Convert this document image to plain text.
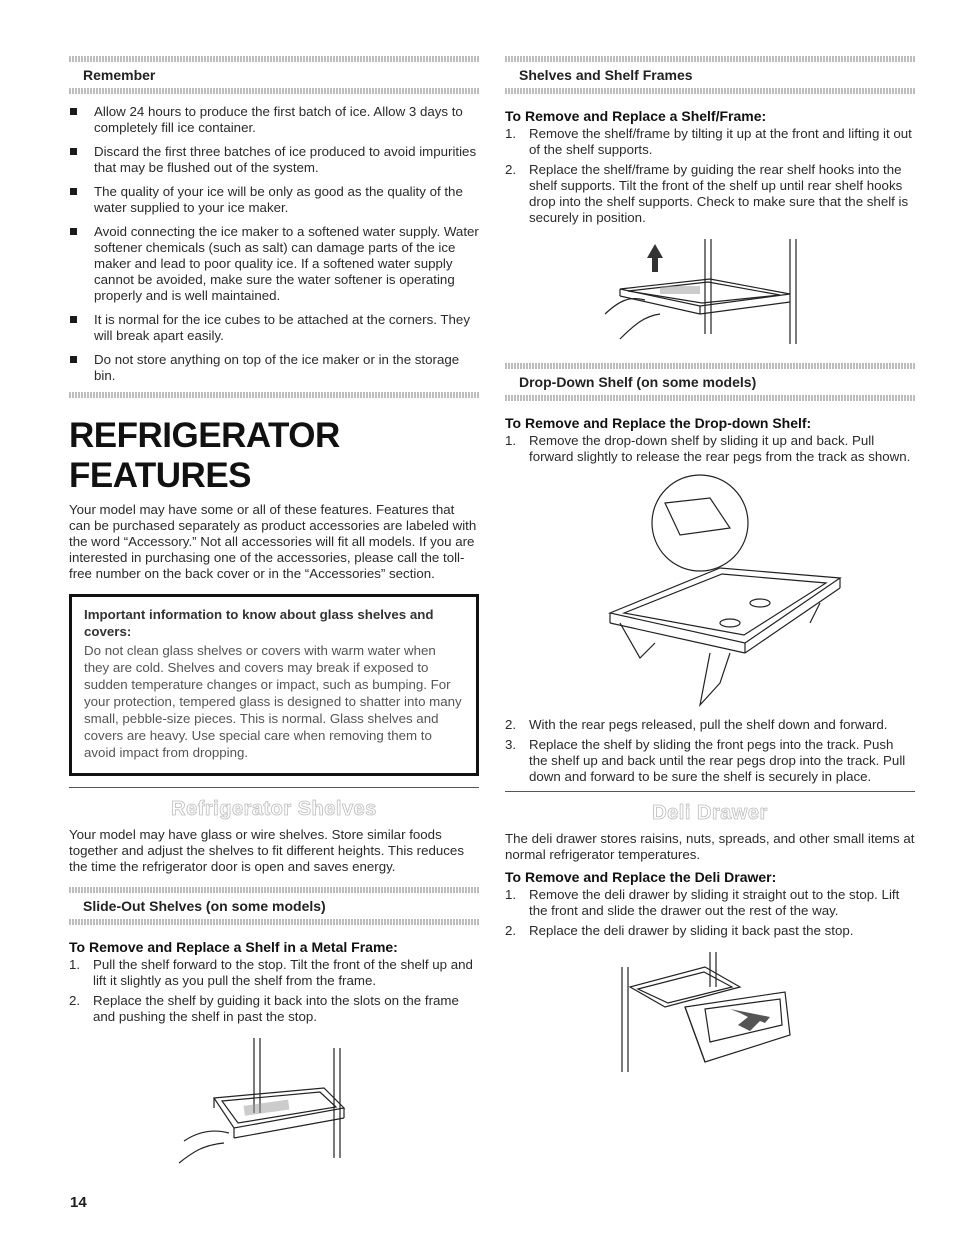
Remember
Allow 24 hours to produce the first batch of ice. Allow 3 days to completely fill ice container.
Discard the first three batches of ice produced to avoid impurities that may be flushed out of the system.
The quality of your ice will be only as good as the quality of the water supplied to your ice maker.
Avoid connecting the ice maker to a softened water supply. Water softener chemicals (such as salt) can damage parts of the ice maker and lead to poor quality ice. If a softened water supply cannot be avoided, make sure the water softener is operating properly and is well maintained.
It is normal for the ice cubes to be attached at the corners. They will break apart easily.
Do not store anything on top of the ice maker or in the storage bin.
REFRIGERATOR FEATURES

Your model may have some or all of these features. Features that can be purchased separately as product accessories are labeled with the word “Accessory.” Not all accessories will fit all models. If you are interested in purchasing one of the accessories, please call the toll-free number on the back cover or in the “Accessories” section.

Important information to know about glass shelves and covers:
Do not clean glass shelves or covers with warm water when they are cold. Shelves and covers may break if exposed to sudden temperature changes or impact, such as bumping. For your protection, tempered glass is designed to shatter into many small, pebble-size pieces. This is normal. Glass shelves and covers are heavy. Use special care when removing them to avoid impact from dropping.
Refrigerator Shelves

Your model may have glass or wire shelves. Store similar foods together and adjust the shelves to fit different heights. This reduces the time the refrigerator door is open and saves energy.

Slide-Out Shelves (on some models)
To Remove and Replace a Shelf in a Metal Frame:
1. Pull the shelf forward to the stop. Tilt the front of the shelf up and lift it slightly as you pull the shelf from the frame.
2. Replace the shelf by guiding it back into the slots on the frame and pushing the shelf in past the stop.
Shelves and Shelf Frames
To Remove and Replace a Shelf/Frame:
1. Remove the shelf/frame by tilting it up at the front and lifting it out of the shelf supports.
2. Replace the shelf/frame by guiding the rear shelf hooks into the shelf supports. Tilt the front of the shelf up until rear shelf hooks drop into the shelf supports. Check to make sure that the shelf is securely in position.
Drop-Down Shelf (on some models)
To Remove and Replace the Drop-down Shelf:
1. Remove the drop-down shelf by sliding it up and back. Pull forward slightly to release the rear pegs from the track as shown.
2. With the rear pegs released, pull the shelf down and forward.
3. Replace the shelf by sliding the front pegs into the track. Push the shelf up and back until the rear pegs drop into the track. Pull down and forward to be sure the shelf is securely in place.
Deli Drawer

The deli drawer stores raisins, nuts, spreads, and other small items at normal refrigerator temperatures.

To Remove and Replace the Deli Drawer:
1. Remove the deli drawer by sliding it straight out to the stop. Lift the front and slide the drawer out the rest of the way.
2. Replace the deli drawer by sliding it back past the stop.
14
